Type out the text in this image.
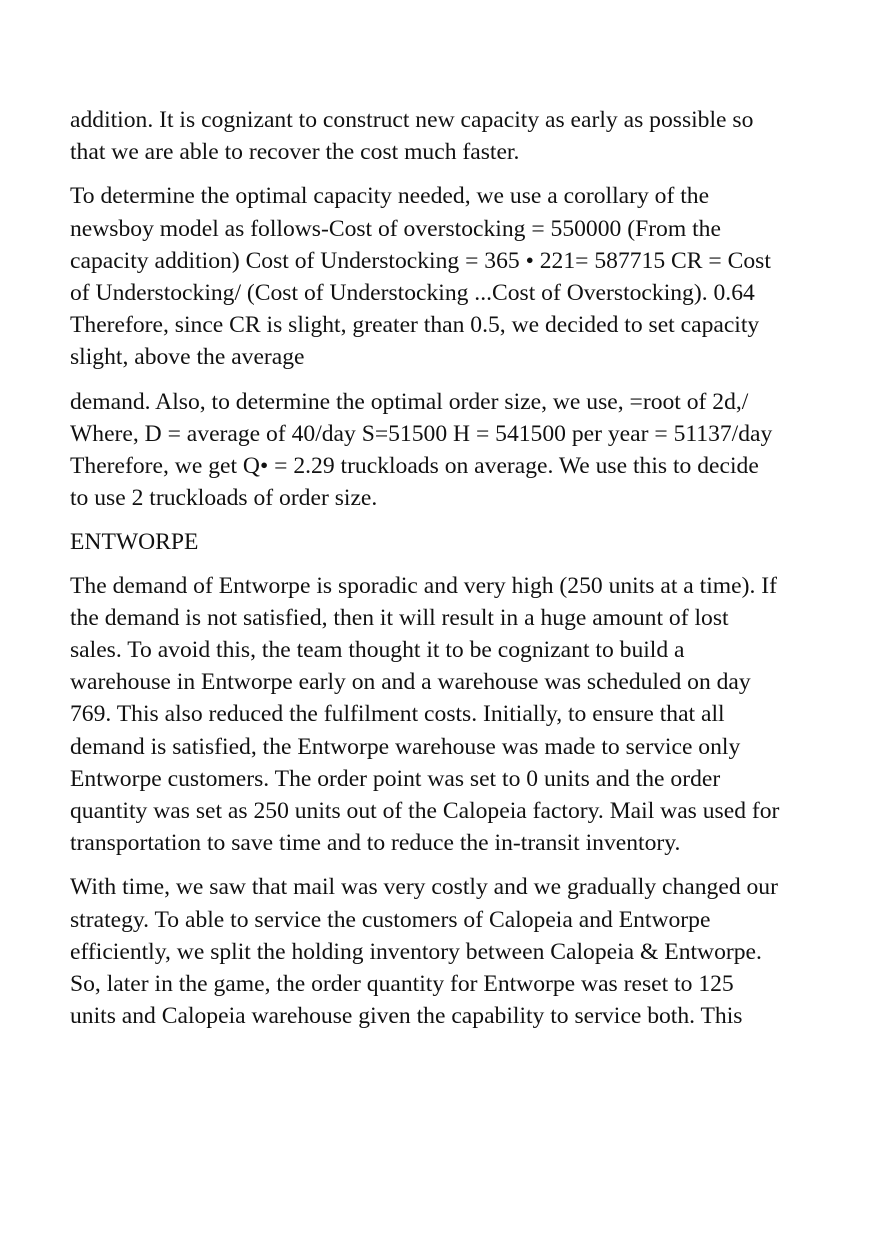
addition. It is cognizant to construct new capacity as early as possible so
that we are able to recover the cost much faster.

To determine the optimal capacity needed, we use a corollary of the
newsboy model as follows-Cost of overstocking = 550000 (From the
capacity addition) Cost of Understocking = 365 • 221= 587715 CR = Cost
of Understocking/ (Cost of Understocking ...Cost of Overstocking). 0.64
Therefore, since CR is slight, greater than 0.5, we decided to set capacity
slight, above the average

demand. Also, to determine the optimal order size, we use, =root of 2d,/
Where, D = average of 40/day S=51500 H = 541500 per year = 51137/day
Therefore, we get Q• = 2.29 truckloads on average. We use this to decide
to use 2 truckloads of order size.

ENTWORPE

The demand of Entworpe is sporadic and very high (250 units at a time). If
the demand is not satisfied, then it will result in a huge amount of lost
sales. To avoid this, the team thought it to be cognizant to build a
warehouse in Entworpe early on and a warehouse was scheduled on day
769. This also reduced the fulfilment costs. Initially, to ensure that all
demand is satisfied, the Entworpe warehouse was made to service only
Entworpe customers. The order point was set to 0 units and the order
quantity was set as 250 units out of the Calopeia factory. Mail was used for
transportation to save time and to reduce the in-transit inventory.

With time, we saw that mail was very costly and we gradually changed our
strategy. To able to service the customers of Calopeia and Entworpe
efficiently, we split the holding inventory between Calopeia & Entworpe.
So, later in the game, the order quantity for Entworpe was reset to 125
units and Calopeia warehouse given the capability to service both. This
